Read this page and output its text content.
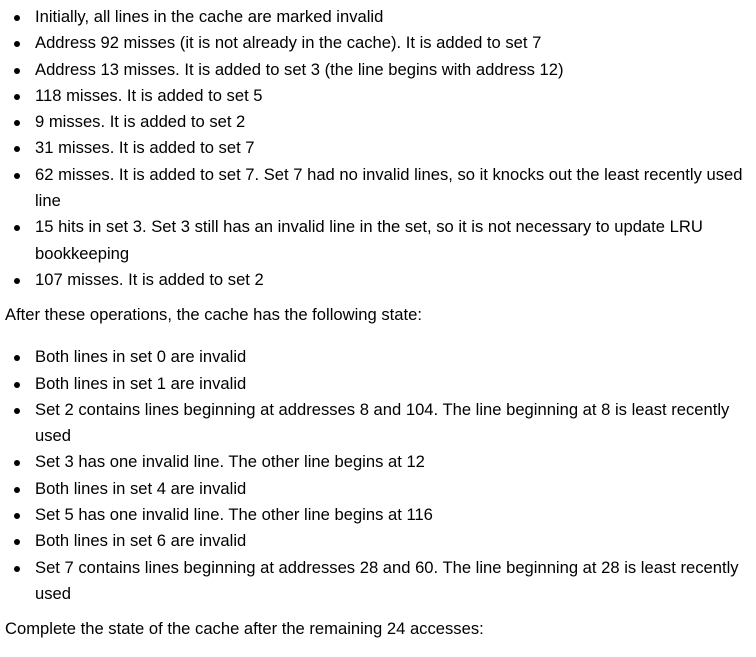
Initially, all lines in the cache are marked invalid
Address 92 misses (it is not already in the cache). It is added to set 7
Address 13 misses. It is added to set 3 (the line begins with address 12)
118 misses. It is added to set 5
9 misses. It is added to set 2
31 misses. It is added to set 7
62 misses. It is added to set 7. Set 7 had no invalid lines, so it knocks out the least recently used line
15 hits in set 3. Set 3 still has an invalid line in the set, so it is not necessary to update LRU bookkeeping
107 misses. It is added to set 2

After these operations, the cache has the following state:

Both lines in set 0 are invalid
Both lines in set 1 are invalid
Set 2 contains lines beginning at addresses 8 and 104. The line beginning at 8 is least recently used
Set 3 has one invalid line. The other line begins at 12
Both lines in set 4 are invalid
Set 5 has one invalid line. The other line begins at 116
Both lines in set 6 are invalid
Set 7 contains lines beginning at addresses 28 and 60. The line beginning at 28 is least recently used

Complete the state of the cache after the remaining 24 accesses:
